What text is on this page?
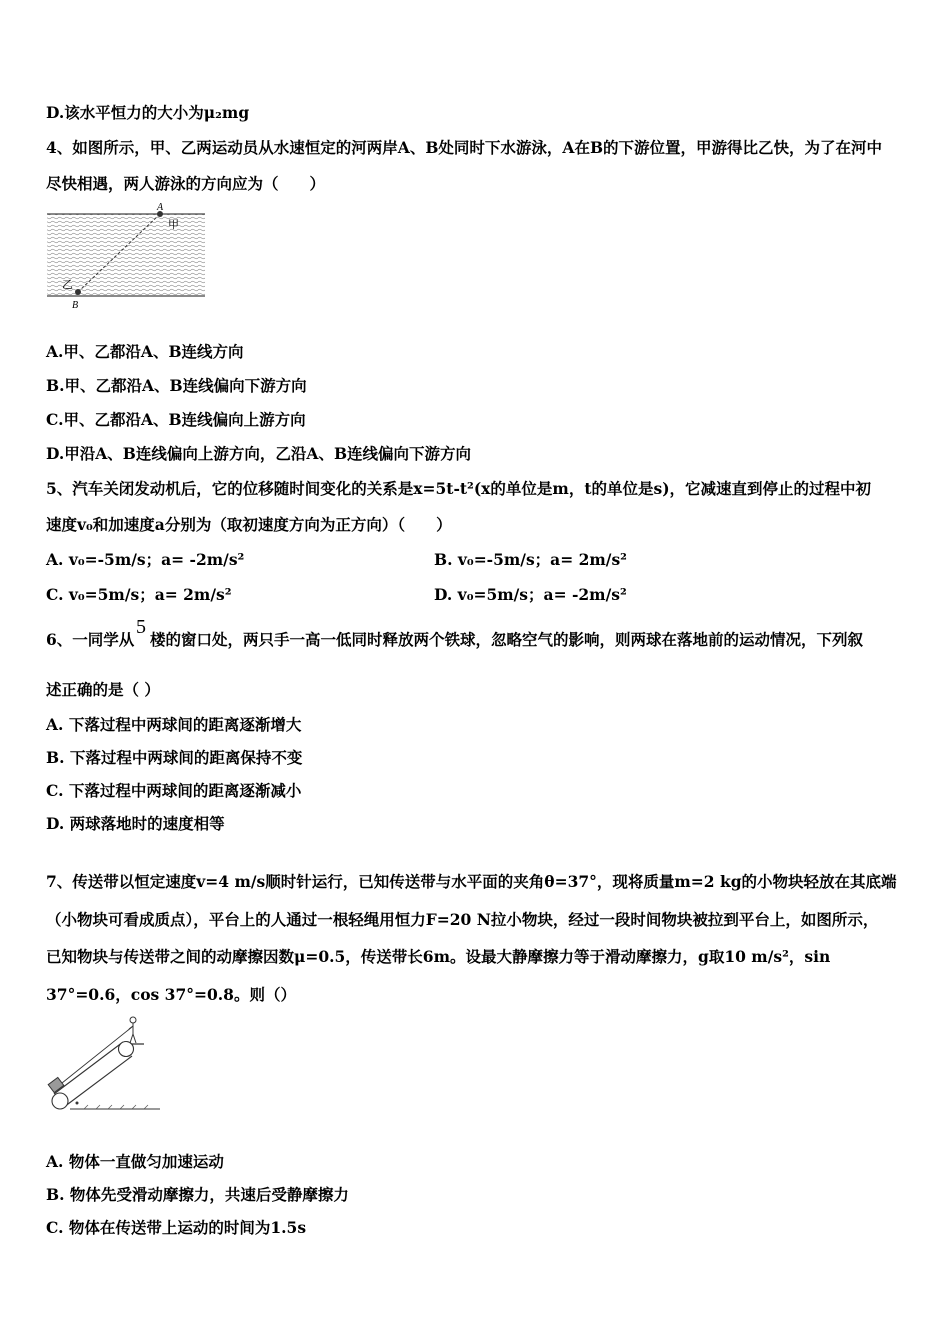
D.该水平恒力的大小为μ₂mg
4、如图所示，甲、乙两运动员从水速恒定的河两岸A、B处同时下水游泳，A在B的下游位置，甲游得比乙快，为了在河中
尽快相遇，两人游泳的方向应为（　　）
A
甲
乙
B
A.甲、乙都沿A、B连线方向
B.甲、乙都沿A、B连线偏向下游方向
C.甲、乙都沿A、B连线偏向上游方向
D.甲沿A、B连线偏向上游方向，乙沿A、B连线偏向下游方向
5、汽车关闭发动机后，它的位移随时间变化的关系是x=5t-t²(x的单位是m，t的单位是s)，它减速直到停止的过程中初
速度v₀和加速度a分别为（取初速度方向为正方向）（　　）
A. v₀=-5m/s；a= -2m/s²	B. v₀=-5m/s；a= 2m/s²
C. v₀=5m/s；a= 2m/s²	D. v₀=5m/s；a= -2m/s²
6、一同学从
5
楼的窗口处，两只手一高一低同时释放两个铁球，忽略空气的影响，则两球在落地前的运动情况，下列叙
述正确的是（ ）
A. 下落过程中两球间的距离逐渐增大
B. 下落过程中两球间的距离保持不变
C. 下落过程中两球间的距离逐渐减小
D. 两球落地时的速度相等
7、传送带以恒定速度v=4 m/s顺时针运行，已知传送带与水平面的夹角θ=37°，现将质量m=2 kg的小物块轻放在其底端
（小物块可看成质点），平台上的人通过一根轻绳用恒力F=20 N拉小物块，经过一段时间物块被拉到平台上，如图所示，
已知物块与传送带之间的动摩擦因数μ=0.5，传送带长6m。设最大静摩擦力等于滑动摩擦力，g取10 m/s²，sin
37°=0.6，cos 37°=0.8。则（）
A. 物体一直做匀加速运动
B. 物体先受滑动摩擦力，共速后受静摩擦力
C. 物体在传送带上运动的时间为1.5s
